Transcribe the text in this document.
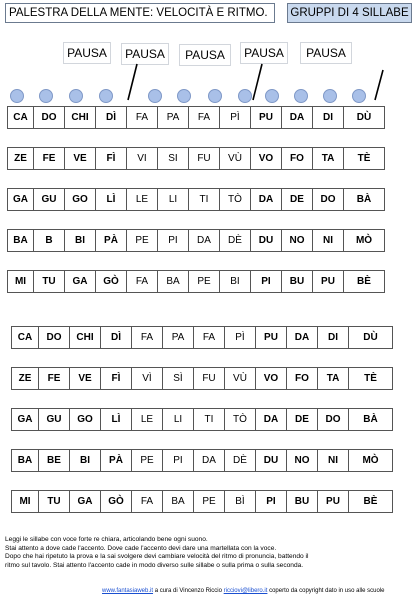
PALESTRA DELLA MENTE: VELOCITÀ E RITMO.	GRUPPI DI 4 SILLABE
PAUSA	PAUSA	PAUSA	PAUSA	PAUSA
CA	DO	CHI	DÌ	FA	PA	FA	PÌ	PU	DA	DI	DÙ

ZE	FE	VE	FÌ	VI	SI	FU	VÙ	VO	FO	TA	TÈ

GA	GU	GO	LÌ	LE	LI	TI	TÒ	DA	DE	DO	BÀ

BA	B	BI	PÀ	PE	PI	DA	DÈ	DU	NO	NI	MÒ

MI	TU	GA	GÒ	FA	BA	PE	BI	PI	BU	PU	BÈ
CA	DO	CHI	DÌ	FA	PA	FA	PÌ	PU	DA	DI	DÙ

ZE	FE	VE	FÌ	VÌ	SÌ	FU	VÙ	VO	FO	TA	TÈ

GA	GU	GO	LÌ	LE	LI	TI	TÒ	DA	DE	DO	BÀ

BA	BE	BI	PÀ	PE	PI	DA	DÈ	DU	NO	NI	MÒ

MI	TU	GA	GÒ	FA	BA	PE	BÌ	PI	BU	PU	BÈ
Leggi le sillabe con voce forte re chiara, articolando bene ogni suono.
Stai attento a dove cade l'accento. Dove cade l'accento devi dare una martellata con la voce.
Dopo che hai ripetuto la prova e la sai svolgere devi cambiare velocità del ritmo di pronuncia, battendo il
ritmo sul tavolo. Stai attento l'accento cade in modo diverso sulle sillabe o sulla prima o sulla seconda.
www.fantasiaweb.it a cura di Vincenzo Riccio ricciovi@libero.it coperto da copyright dato in uso alle scuole
